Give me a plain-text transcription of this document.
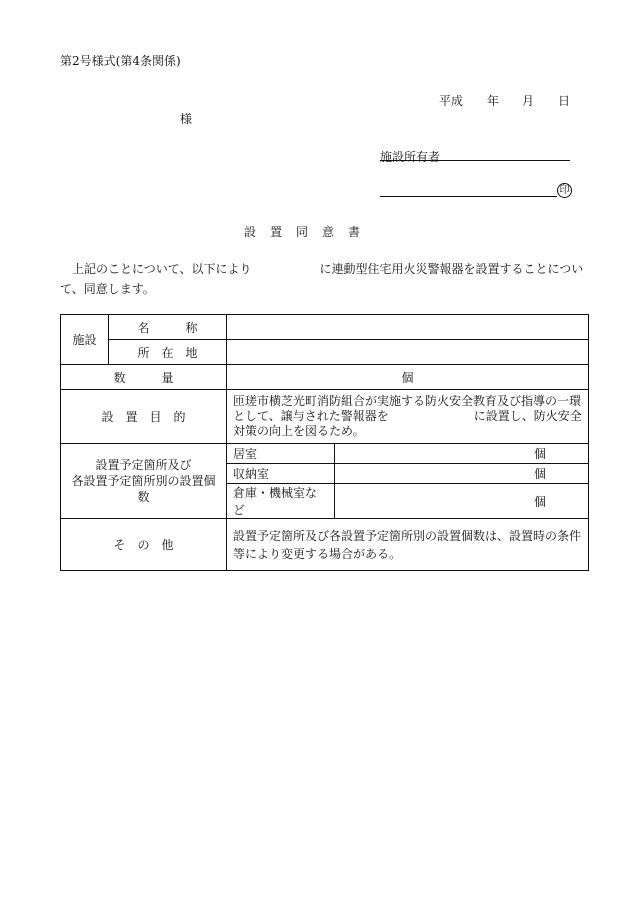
第2号様式(第4条関係)
平成 年 月 日
様
施設所有者
印
設　置　同　意　書
上記のことについて、以下により	に連動型住宅用火災警報器を設置することについ
て、同意します。
施設	名　　　称		
	所　在　地		
数　　　量		個	
設　置　目　的		匝瑳市横芝光町消防組合が実施する防火安全教育及び指導の一環
として、譲与された警報器を に設置し、防火安全
対策の向上を図るため。	

設置予定箇所及び
各設置予定箇所別の設置個数		居室	個
		収納室	個
		倉庫・機械室など	個
そ　の　他		設置予定箇所及び各設置予定箇所別の設置個数は、設置時の条件
等により変更する場合がある。	
